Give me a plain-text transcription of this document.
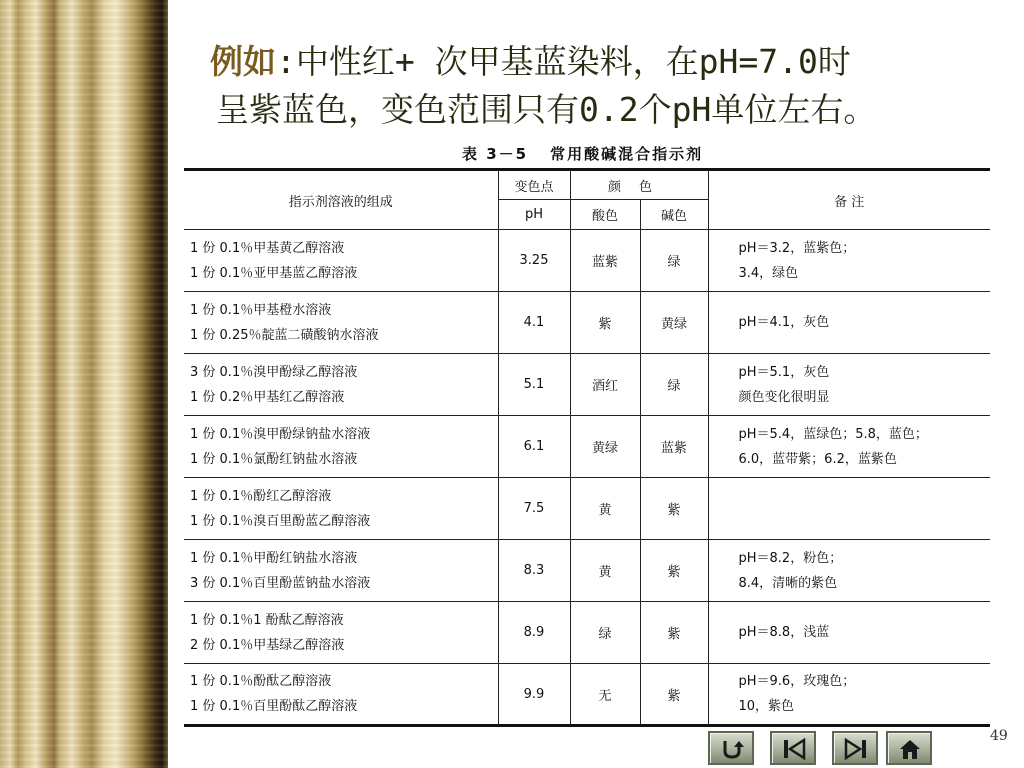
例如:中性红+ 次甲基蓝染料，在pH=7.0时
呈紫蓝色，变色范围只有0.2个pH单位左右。
表 3－5 常用酸碱混合指示剂
指示剂溶液的组成	变色点	颜色		备 注
	pH	酸色	碱色	

1 份 0.1％甲基黄乙醇溶液
1 份 0.1％亚甲基蓝乙醇溶液	3.25	蓝紫	绿	pH＝3.2，蓝紫色；
3.4，绿色

1 份 0.1％甲基橙水溶液
1 份 0.25％靛蓝二磺酸钠水溶液	4.1	紫	黄绿	pH＝4.1，灰色

3 份 0.1％溴甲酚绿乙醇溶液
1 份 0.2％甲基红乙醇溶液	5.1	酒红	绿	pH＝5.1，灰色
颜色变化很明显

1 份 0.1％溴甲酚绿钠盐水溶液
1 份 0.1％氯酚红钠盐水溶液	6.1	黄绿	蓝紫	pH＝5.4，蓝绿色；5.8，蓝色；
6.0，蓝带紫；6.2，蓝紫色

1 份 0.1％酚红乙醇溶液
1 份 0.1％溴百里酚蓝乙醇溶液	7.5	黄	紫	

1 份 0.1％甲酚红钠盐水溶液
3 份 0.1％百里酚蓝钠盐水溶液	8.3	黄	紫	pH＝8.2，粉色；
8.4，清晰的紫色

1 份 0.1％1 酚酞乙醇溶液
2 份 0.1％甲基绿乙醇溶液	8.9	绿	紫	pH＝8.8，浅蓝

1 份 0.1％酚酞乙醇溶液
1 份 0.1％百里酚酞乙醇溶液	9.9	无	紫	pH＝9.6，玫瑰色；
10，紫色
49
